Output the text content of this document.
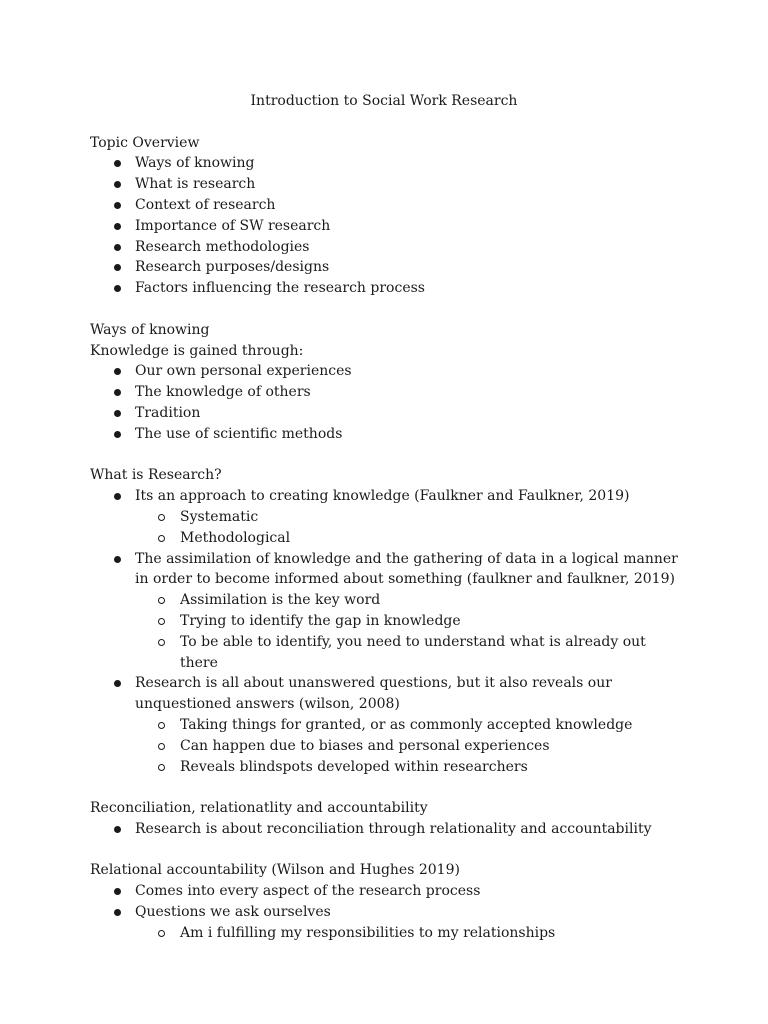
Introduction to Social Work Research

Topic Overview

Ways of knowing
What is research
Context of research
Importance of SW research
Research methodologies
Research purposes/designs
Factors influencing the research process

Ways of knowing

Knowledge is gained through:

Our own personal experiences
The knowledge of others
Tradition
The use of scientific methods

What is Research?

Its an approach to creating knowledge (Faulkner and Faulkner, 2019)
Systematic
Methodological
The assimilation of knowledge and the gathering of data in a logical manner in order to become informed about something (faulkner and faulkner, 2019)
Assimilation is the key word
Trying to identify the gap in knowledge
To be able to identify, you need to understand what is already out there
Research is all about unanswered questions, but it also reveals our unquestioned answers (wilson, 2008)
Taking things for granted, or as commonly accepted knowledge
Can happen due to biases and personal experiences
Reveals blindspots developed within researchers

Reconciliation, relationatlity and accountability

Research is about reconciliation through relationality and accountability

Relational accountability (Wilson and Hughes 2019)

Comes into every aspect of the research process
Questions we ask ourselves
Am i fulfilling my responsibilities to my relationships
